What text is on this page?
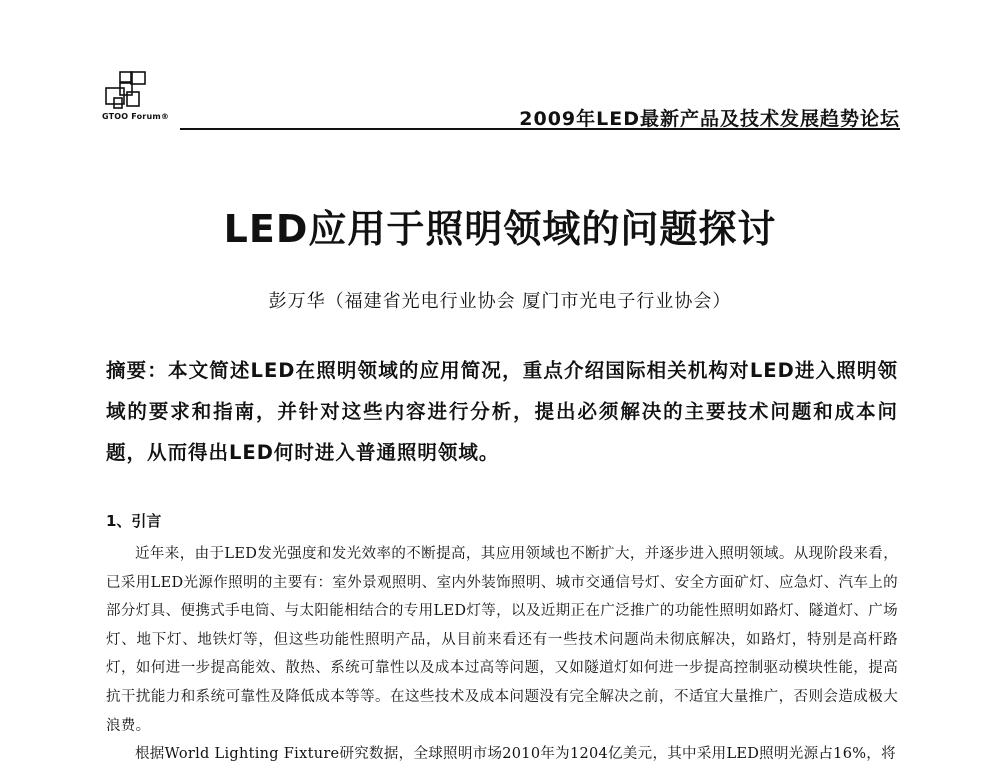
GTOO Forum®	2009年LED最新产品及技术发展趋势论坛
LED应用于照明领域的问题探讨
彭万华（福建省光电行业协会 厦门市光电子行业协会）
摘要：本文简述LED在照明领域的应用简况，重点介绍国际相关机构对LED进入照明领域的要求和指南，并针对这些内容进行分析，提出必须解决的主要技术问题和成本问题，从而得出LED何时进入普通照明领域。
1、引言

近年来，由于LED发光强度和发光效率的不断提高，其应用领域也不断扩大，并逐步进入照明领域。从现阶段来看，已采用LED光源作照明的主要有：室外景观照明、室内外装饰照明、城市交通信号灯、安全方面矿灯、应急灯、汽车上的部分灯具、便携式手电筒、与太阳能相结合的专用LED灯等，以及近期正在广泛推广的功能性照明如路灯、隧道灯、广场灯、地下灯、地铁灯等，但这些功能性照明产品，从目前来看还有一些技术问题尚未彻底解决，如路灯，特别是高杆路灯，如何进一步提高能效、散热、系统可靠性以及成本过高等问题，又如隧道灯如何进一步提高控制驱动模块性能，提高抗干扰能力和系统可靠性及降低成本等等。在这些技术及成本问题没有完全解决之前，不适宜大量推广，否则会造成极大浪费。

根据World Lighting Fixture研究数据，全球照明市场2010年为1204亿美元，其中采用LED照明光源占16%，将
